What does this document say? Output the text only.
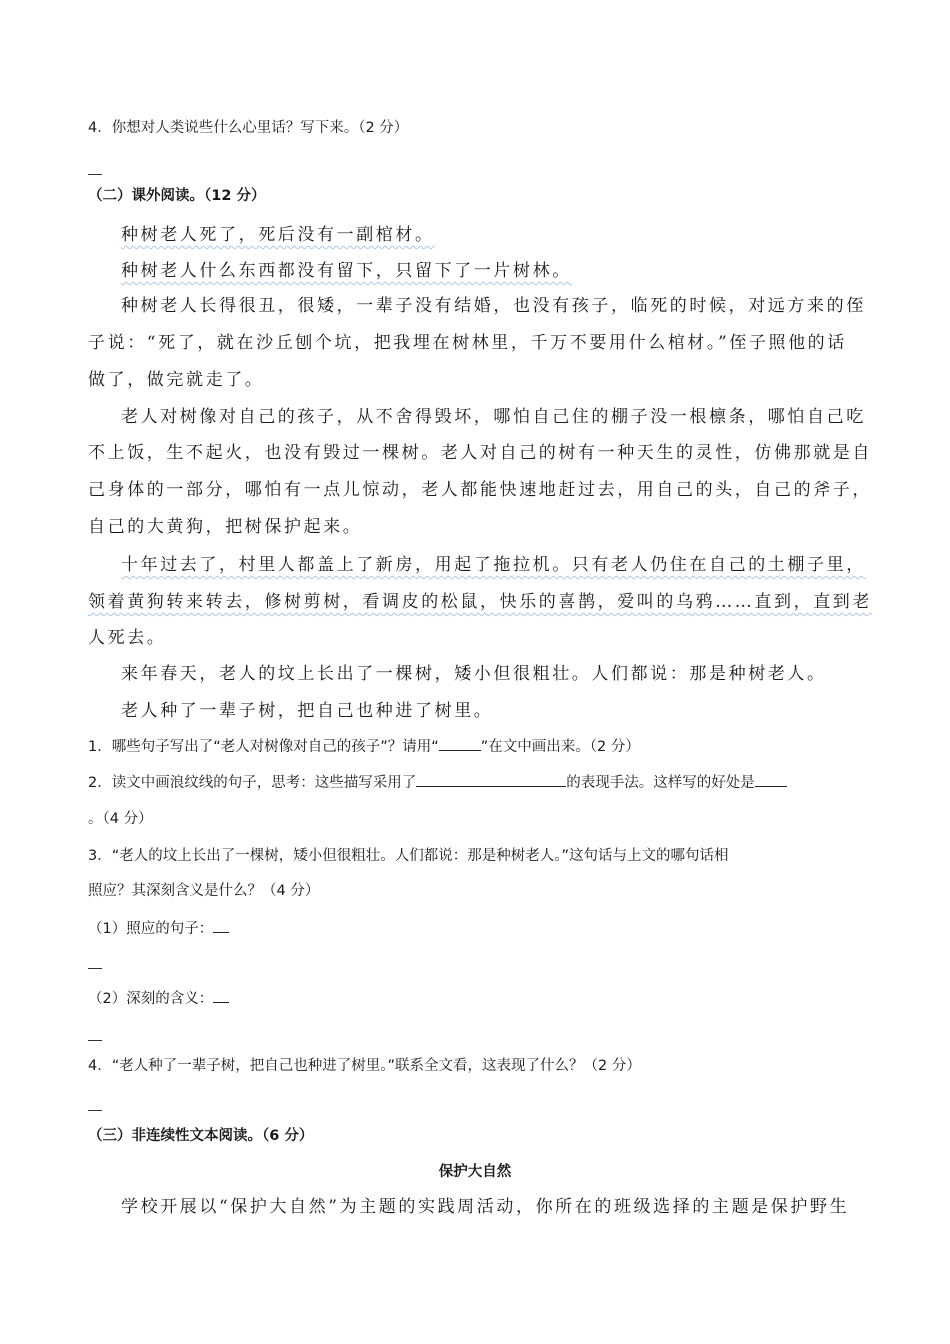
4．你想对人类说些什么心里话？写下来。（2 分）
（二）课外阅读。（12 分）
种树老人死了，死后没有一副棺材。
种树老人什么东西都没有留下，只留下了一片树林。
种树老人长得很丑，很矮，一辈子没有结婚，也没有孩子，临死的时候，对远方来的侄
子说：“死了，就在沙丘刨个坑，把我埋在树林里，千万不要用什么棺材。”侄子照他的话
做了，做完就走了。
老人对树像对自己的孩子，从不舍得毁坏，哪怕自己住的棚子没一根檩条，哪怕自己吃
不上饭，生不起火，也没有毁过一棵树。老人对自己的树有一种天生的灵性，仿佛那就是自
己身体的一部分，哪怕有一点儿惊动，老人都能快速地赶过去，用自己的头，自己的斧子，
自己的大黄狗，把树保护起来。
十年过去了，村里人都盖上了新房，用起了拖拉机。只有老人仍住在自己的土棚子里，
领着黄狗转来转去，修树剪树，看调皮的松鼠，快乐的喜鹊，爱叫的乌鸦……直到，直到老
人死去。
来年春天，老人的坟上长出了一棵树，矮小但很粗壮。人们都说：那是种树老人。
老人种了一辈子树，把自己也种进了树里。
1．哪些句子写出了“老人对树像对自己的孩子”？请用“	”在文中画出来。（2 分）
2．读文中画浪纹线的句子，思考：这些描写采用了	的表现手法。这样写的好处是
。（4 分）
3．“老人的坟上长出了一棵树，矮小但很粗壮。人们都说：那是种树老人。”这句话与上文的哪句话相
照应？其深刻含义是什么？（4 分）
（1）照应的句子：
（2）深刻的含义：
4．“老人种了一辈子树，把自己也种进了树里。”联系全文看，这表现了什么？（2 分）
（三）非连续性文本阅读。（6 分）
保护大自然
学校开展以“保护大自然”为主题的实践周活动，你所在的班级选择的主题是保护野生
